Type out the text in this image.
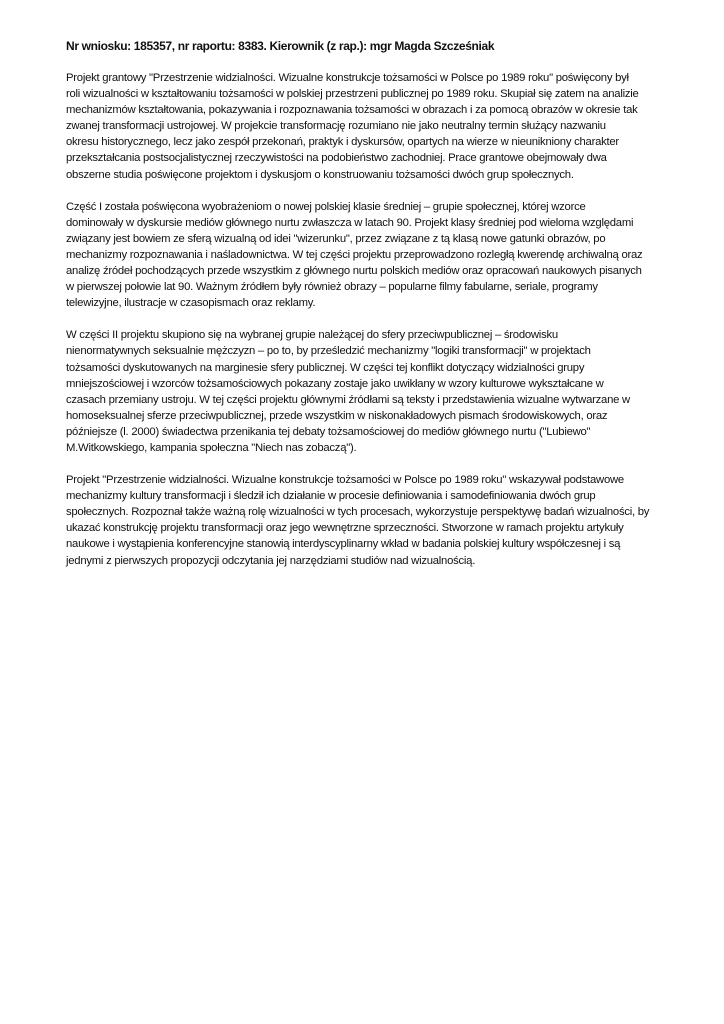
Nr wniosku: 185357, nr raportu: 8383. Kierownik (z rap.): mgr Magda Szcześniak
Projekt grantowy "Przestrzenie widzialności. Wizualne konstrukcje tożsamości w Polsce po 1989 roku" poświęcony był
roli wizualności w kształtowaniu tożsamości w polskiej przestrzeni publicznej po 1989 roku. Skupiał się zatem na analizie
mechanizmów kształtowania, pokazywania i rozpoznawania tożsamości w obrazach i za pomocą obrazów w okresie tak
zwanej transformacji ustrojowej. W projekcie transformację rozumiano nie jako neutralny termin służący nazwaniu
okresu historycznego, lecz jako zespół przekonań, praktyk i dyskursów, opartych na wierze w nieunikniony charakter
przekształcania postsocjalistycznej rzeczywistości na podobieństwo zachodniej. Prace grantowe obejmowały dwa
obszerne studia poświęcone projektom i dyskusjom o konstruowaniu tożsamości dwóch grup społecznych.
Część I została poświęcona wyobrażeniom o nowej polskiej klasie średniej – grupie społecznej, której wzorce
dominowały w dyskursie mediów głównego nurtu zwłaszcza w latach 90. Projekt klasy średniej pod wieloma względami
związany jest bowiem ze sferą wizualną od idei "wizerunku", przez związane z tą klasą nowe gatunki obrazów, po
mechanizmy rozpoznawania i naśladownictwa. W tej części projektu przeprowadzono rozległą kwerendę archiwalną oraz
analizę źródeł pochodzących przede wszystkim z głównego nurtu polskich mediów oraz opracowań naukowych pisanych
w pierwszej połowie lat 90. Ważnym źródłem były również obrazy – popularne filmy fabularne, seriale, programy
telewizyjne, ilustracje w czasopismach oraz reklamy.
W części II projektu skupiono się na wybranej grupie należącej do sfery przeciwpublicznej – środowisku
nienormatywnych seksualnie mężczyzn – po to, by prześledzić mechanizmy "logiki transformacji" w projektach
tożsamości dyskutowanych na marginesie sfery publicznej. W części tej konflikt dotyczący widzialności grupy
mniejszościowej i wzorców tożsamościowych pokazany zostaje jako uwikłany w wzory kulturowe wykształcane w
czasach przemiany ustroju. W tej części projektu głównymi źródłami są teksty i przedstawienia wizualne wytwarzane w
homoseksualnej sferze przeciwpublicznej, przede wszystkim w niskonakładowych pismach środowiskowych, oraz
późniejsze (l. 2000) świadectwa przenikania tej debaty tożsamościowej do mediów głównego nurtu ("Lubiewo"
M.Witkowskiego, kampania społeczna "Niech nas zobaczą").
Projekt "Przestrzenie widzialności. Wizualne konstrukcje tożsamości w Polsce po 1989 roku" wskazywał podstawowe
mechanizmy kultury transformacji i śledził ich działanie w procesie definiowania i samodefiniowania dwóch grup
społecznych. Rozpoznał także ważną rolę wizualności w tych procesach, wykorzystuje perspektywę badań wizualności, by
ukazać konstrukcję projektu transformacji oraz jego wewnętrzne sprzeczności. Stworzone w ramach projektu artykuły
naukowe i wystąpienia konferencyjne stanowią interdyscyplinarny wkład w badania polskiej kultury współczesnej i są
jednymi z pierwszych propozycji odczytania jej narzędziami studiów nad wizualnością.
